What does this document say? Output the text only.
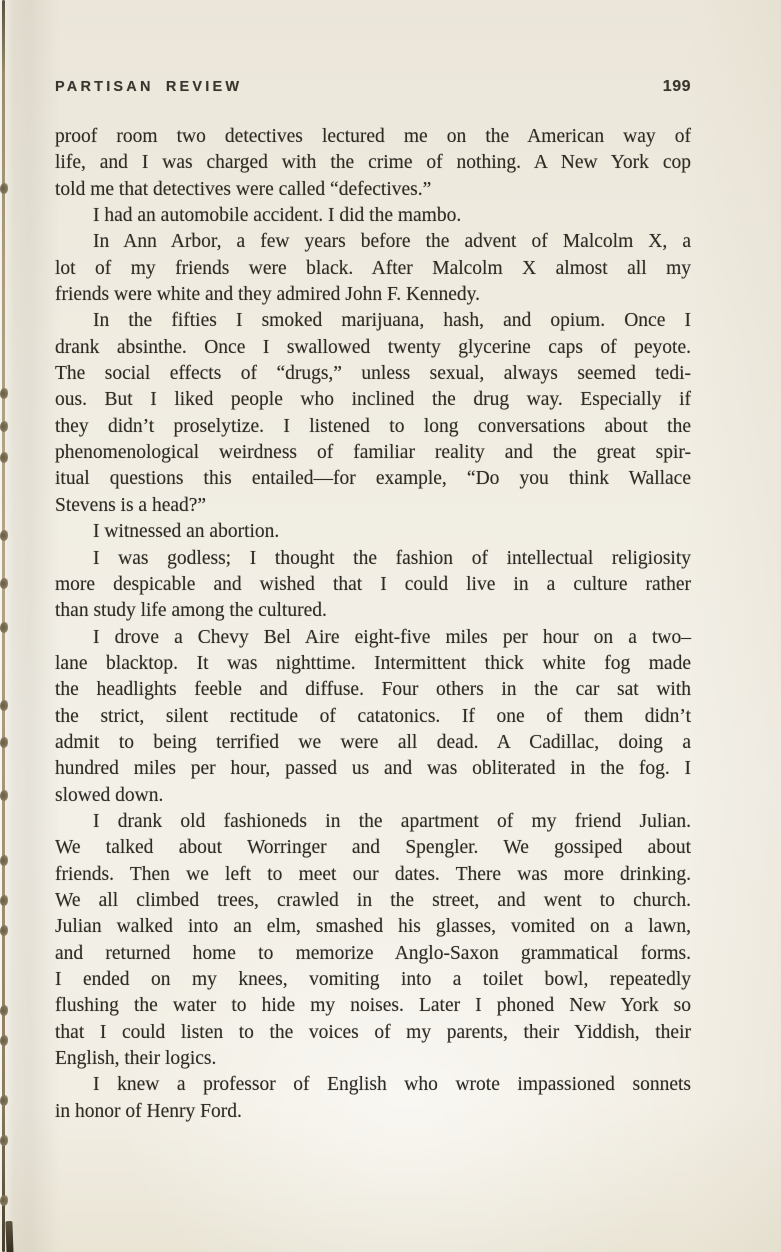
PARTISAN REVIEW	199
proof room two detectives lectured me on the American way of
life, and I was charged with the crime of nothing. A New York cop
told me that detectives were called “defectives.”
I had an automobile accident. I did the mambo.
In Ann Arbor, a few years before the advent of Malcolm X, a
lot of my friends were black. After Malcolm X almost all my
friends were white and they admired John F. Kennedy.
In the fifties I smoked marijuana, hash, and opium. Once I
drank absinthe. Once I swallowed twenty glycerine caps of peyote.
The social effects of “drugs,” unless sexual, always seemed tedi-
ous. But I liked people who inclined the drug way. Especially if
they didn’t proselytize. I listened to long conversations about the
phenomenological weirdness of familiar reality and the great spir-
itual questions this entailed––for example, “Do you think Wallace
Stevens is a head?”
I witnessed an abortion.
I was godless; I thought the fashion of intellectual religiosity
more despicable and wished that I could live in a culture rather
than study life among the cultured.
I drove a Chevy Bel Aire eight-five miles per hour on a two–
lane blacktop. It was nighttime. Intermittent thick white fog made
the headlights feeble and diffuse. Four others in the car sat with
the strict, silent rectitude of catatonics. If one of them didn’t
admit to being terrified we were all dead. A Cadillac, doing a
hundred miles per hour, passed us and was obliterated in the fog. I
slowed down.
I drank old fashioneds in the apartment of my friend Julian.
We talked about Worringer and Spengler. We gossiped about
friends. Then we left to meet our dates. There was more drinking.
We all climbed trees, crawled in the street, and went to church.
Julian walked into an elm, smashed his glasses, vomited on a lawn,
and returned home to memorize Anglo-Saxon grammatical forms.
I ended on my knees, vomiting into a toilet bowl, repeatedly
flushing the water to hide my noises. Later I phoned New York so
that I could listen to the voices of my parents, their Yiddish, their
English, their logics.
I knew a professor of English who wrote impassioned sonnets
in honor of Henry Ford.
